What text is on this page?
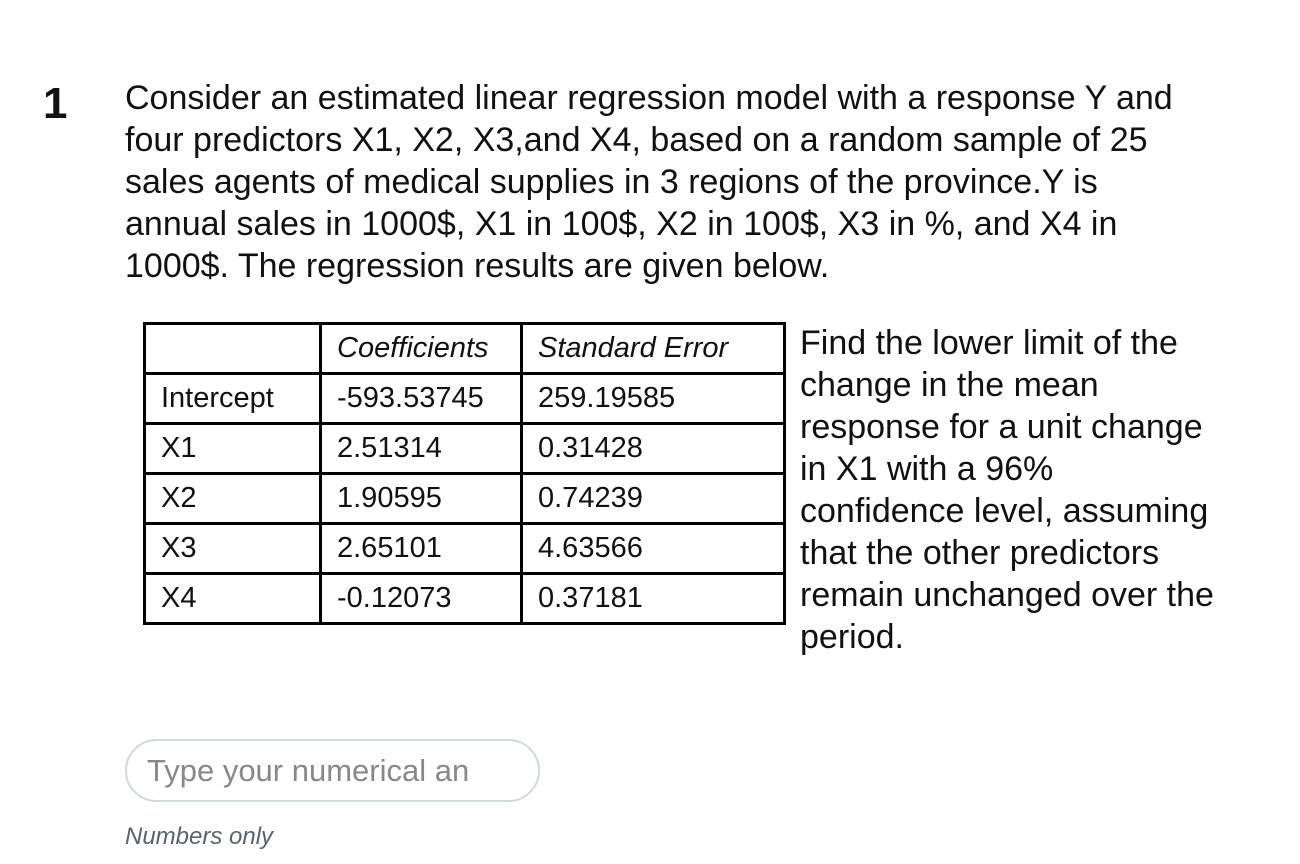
1 Consider an estimated linear regression model with a response Y and
four predictors X1, X2, X3,and X4, based on a random sample of 25
sales agents of medical supplies in 3 regions of the province.Y is
annual sales in 1000$, X1 in 100$, X2 in 100$, X3 in %, and X4 in
1000$. The regression results are given below.

	Coefficients	Standard Error
Intercept	-593.53745	259.19585
X1	2.51314	0.31428
X2	1.90595	0.74239
X3	2.65101	4.63566
X4	-0.12073	0.37181
Find the lower limit of the
change in the mean
response for a unit change
in X1 with a 96%
confidence level, assuming
that the other predictors
remain unchanged over the
period.
Type your numerical an
Numbers only
